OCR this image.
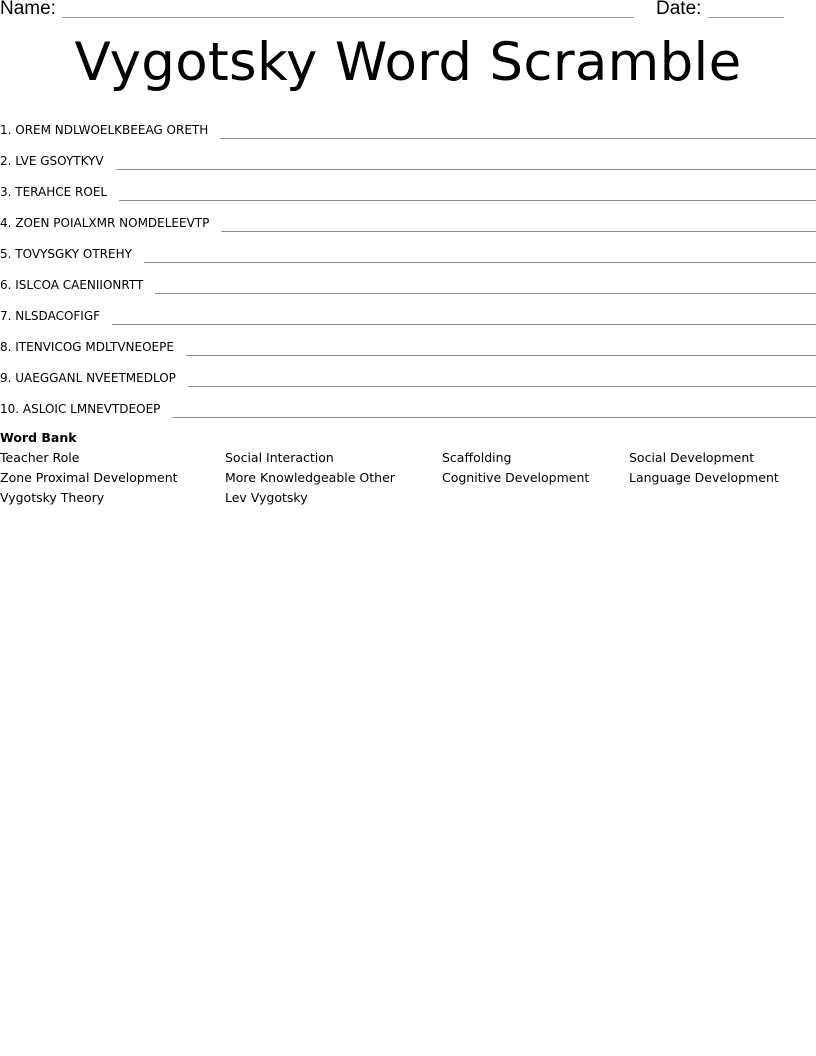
Name:	Date:
Vygotsky Word Scramble
1. OREM NDLWOELKBEEAG ORETH
2. LVE GSOYTKYV
3. TERAHCE ROEL
4. ZOEN POIALXMR NOMDELEEVTP
5. TOVYSGKY OTREHY
6. ISLCOA CAENIIONRTT
7. NLSDACOFIGF
8. ITENVICOG MDLTVNEOEPE
9. UAEGGANL NVEETMEDLOP
10. ASLOIC LMNEVTDEOEP
Word Bank
Teacher Role	Social Interaction	Scaffolding	Social Development
Zone Proximal Development	More Knowledgeable Other	Cognitive Development	Language Development
Vygotsky Theory	Lev Vygotsky
